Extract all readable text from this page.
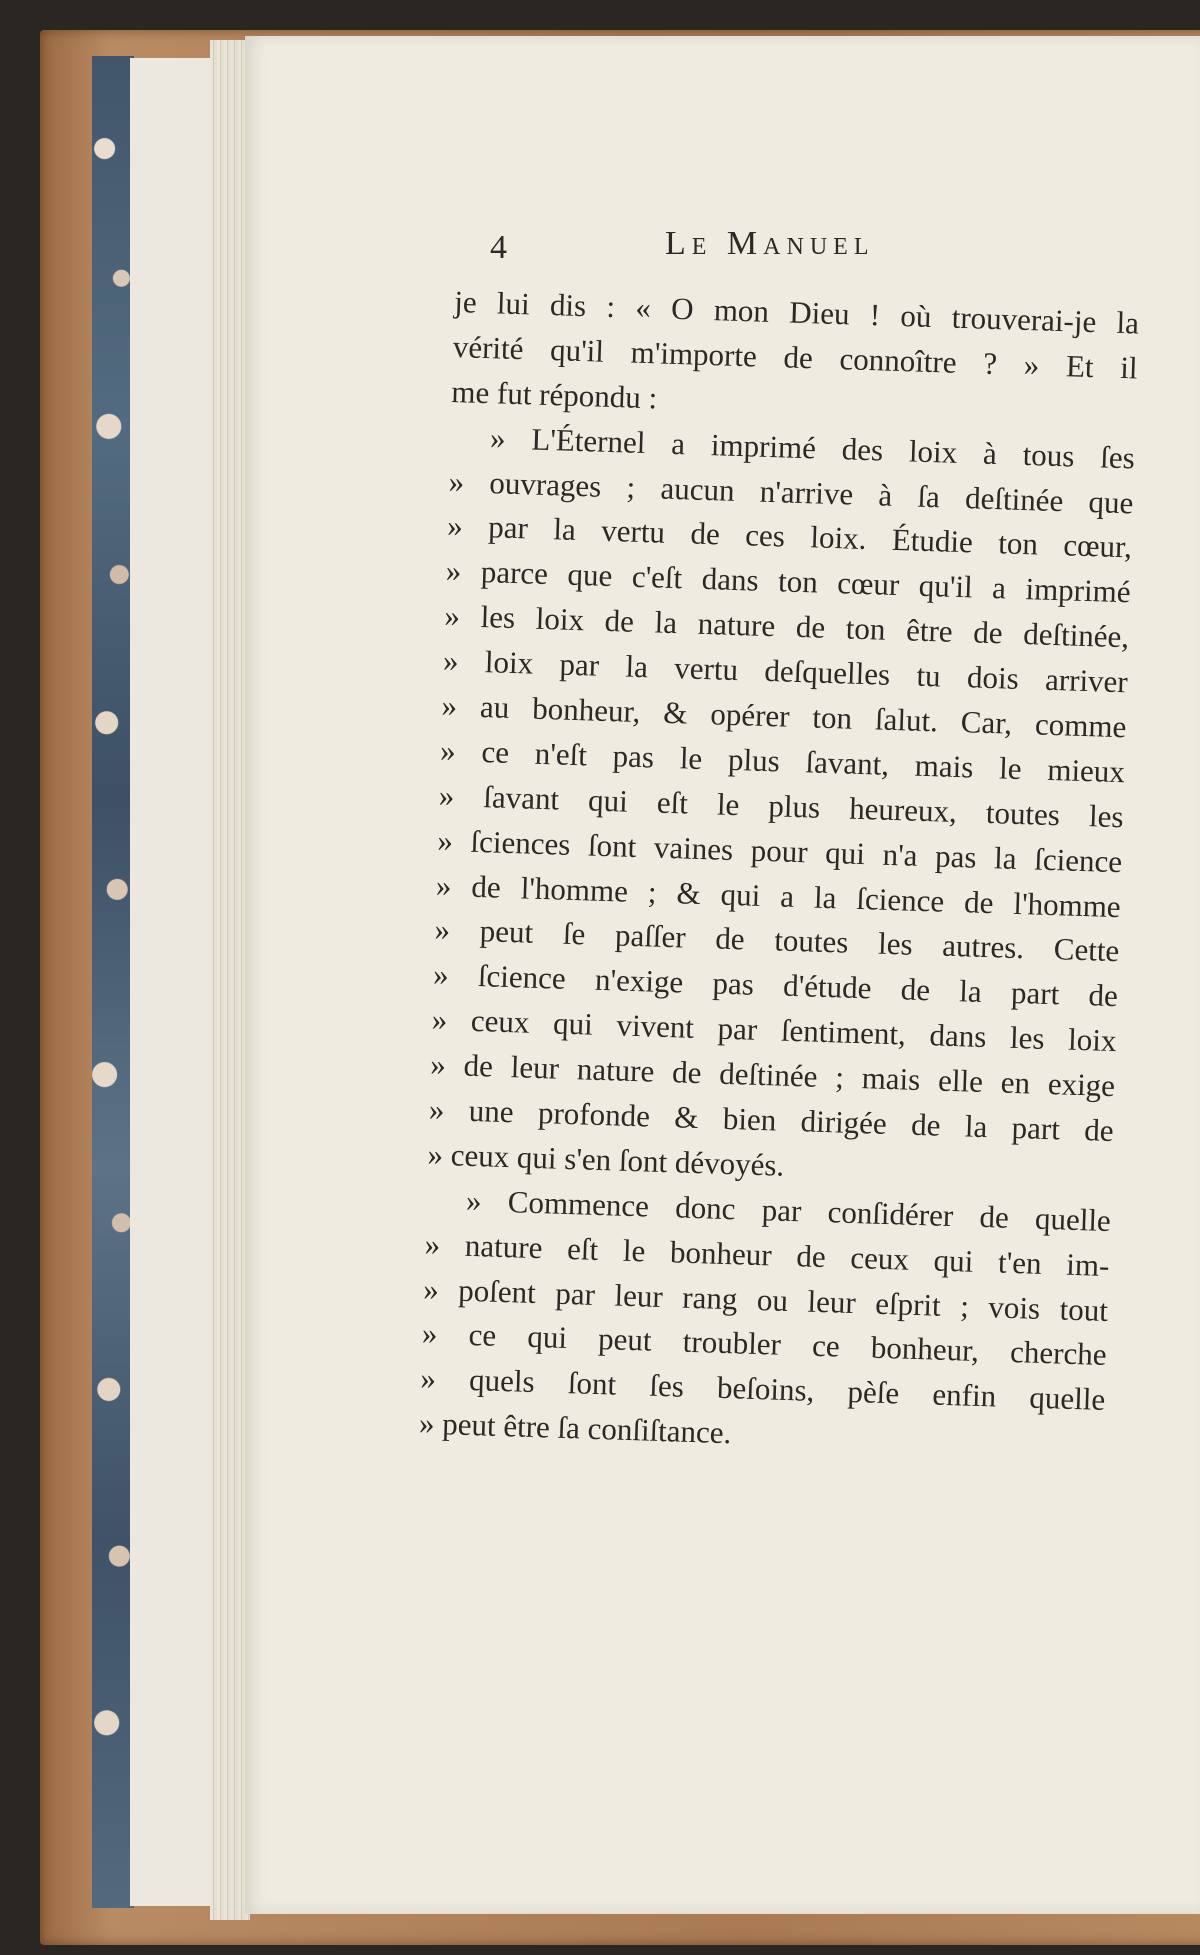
4	Le Manuel
je lui dis : « O mon Dieu ! où trouverai-je la
vérité qu'il m'importe de connoître ? » Et il
me fut répondu :
» L'Éternel a imprimé des loix à tous ſes
» ouvrages ; aucun n'arrive à ſa deſtinée que
» par la vertu de ces loix. Étudie ton cœur,
» parce que c'eſt dans ton cœur qu'il a imprimé
» les loix de la nature de ton être de deſtinée,
» loix par la vertu deſquelles tu dois arriver
» au bonheur, & opérer ton ſalut. Car, comme
» ce n'eſt pas le plus ſavant, mais le mieux
» ſavant qui eſt le plus heureux, toutes les
» ſciences ſont vaines pour qui n'a pas la ſcience
» de l'homme ; & qui a la ſcience de l'homme
» peut ſe paſſer de toutes les autres. Cette
» ſcience n'exige pas d'étude de la part de
» ceux qui vivent par ſentiment, dans les loix
» de leur nature de deſtinée ; mais elle en exige
» une profonde & bien dirigée de la part de
» ceux qui s'en ſont dévoyés.
» Commence donc par conſidérer de quelle
» nature eſt le bonheur de ceux qui t'en im-
» poſent par leur rang ou leur eſprit ; vois tout
» ce qui peut troubler ce bonheur, cherche
» quels ſont ſes beſoins, pèſe enfin quelle
» peut être ſa conſiſtance.
